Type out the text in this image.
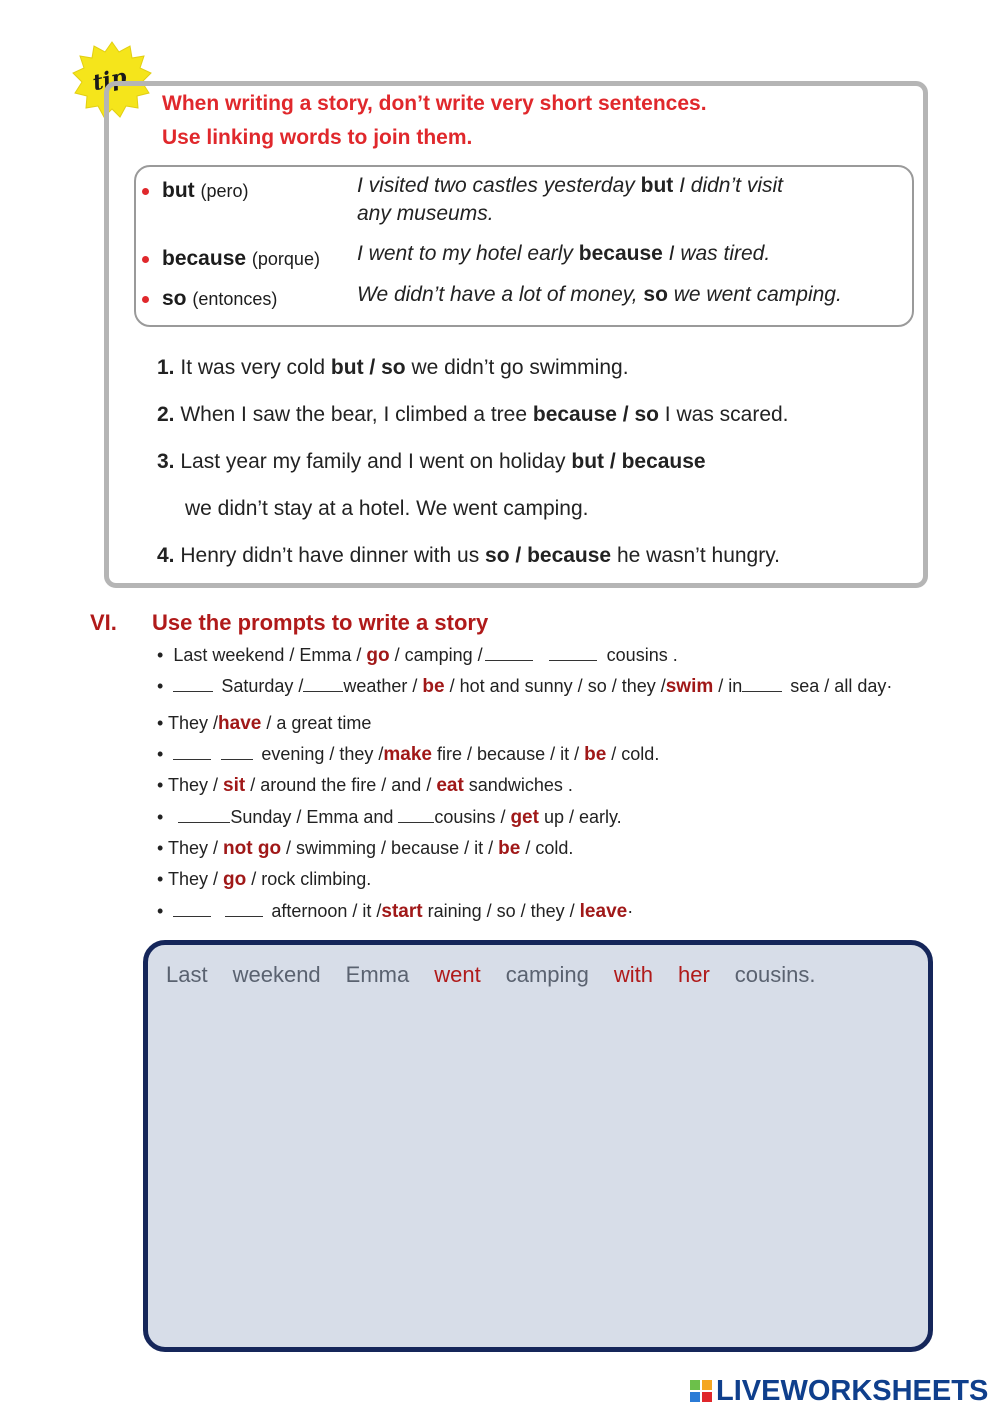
tip
When writing a story, don’t write very short sentences.
Use linking words to join them.
but (pero)	I visited two castles yesterday but I didn’t visit
any museums.
because (porque) I went to my hotel early because I was tired.
so (entonces)	We didn’t have a lot of money, so we went camping.
1. It was very cold but / so we didn’t go swimming.
2. When I saw the bear, I climbed a tree because / so I was scared.
3. Last year my family and I went on holiday but / because
we didn’t stay at a hotel. We went camping.
4. Henry didn’t have dinner with us so / because he wasn’t hungry.
VI. Use the prompts to write a story
•  Last weekend / Emma / go / camping /	cousins .
•	Saturday / weather / be / hot and sunny / so / they /swim / in	sea / all day·
• They /have / a great time
•	evening / they /make fire / because / it / be / cold.
• They / sit / around the fire / and / eat sandwiches .
•	Sunday / Emma and cousins / get up / early.
• They / not go / swimming / because / it / be / cold.
• They / go / rock climbing.
•	afternoon / it /start raining / so / they / leave·
Last weekend Emma went camping with her cousins.
LIVEWORKSHEETS
